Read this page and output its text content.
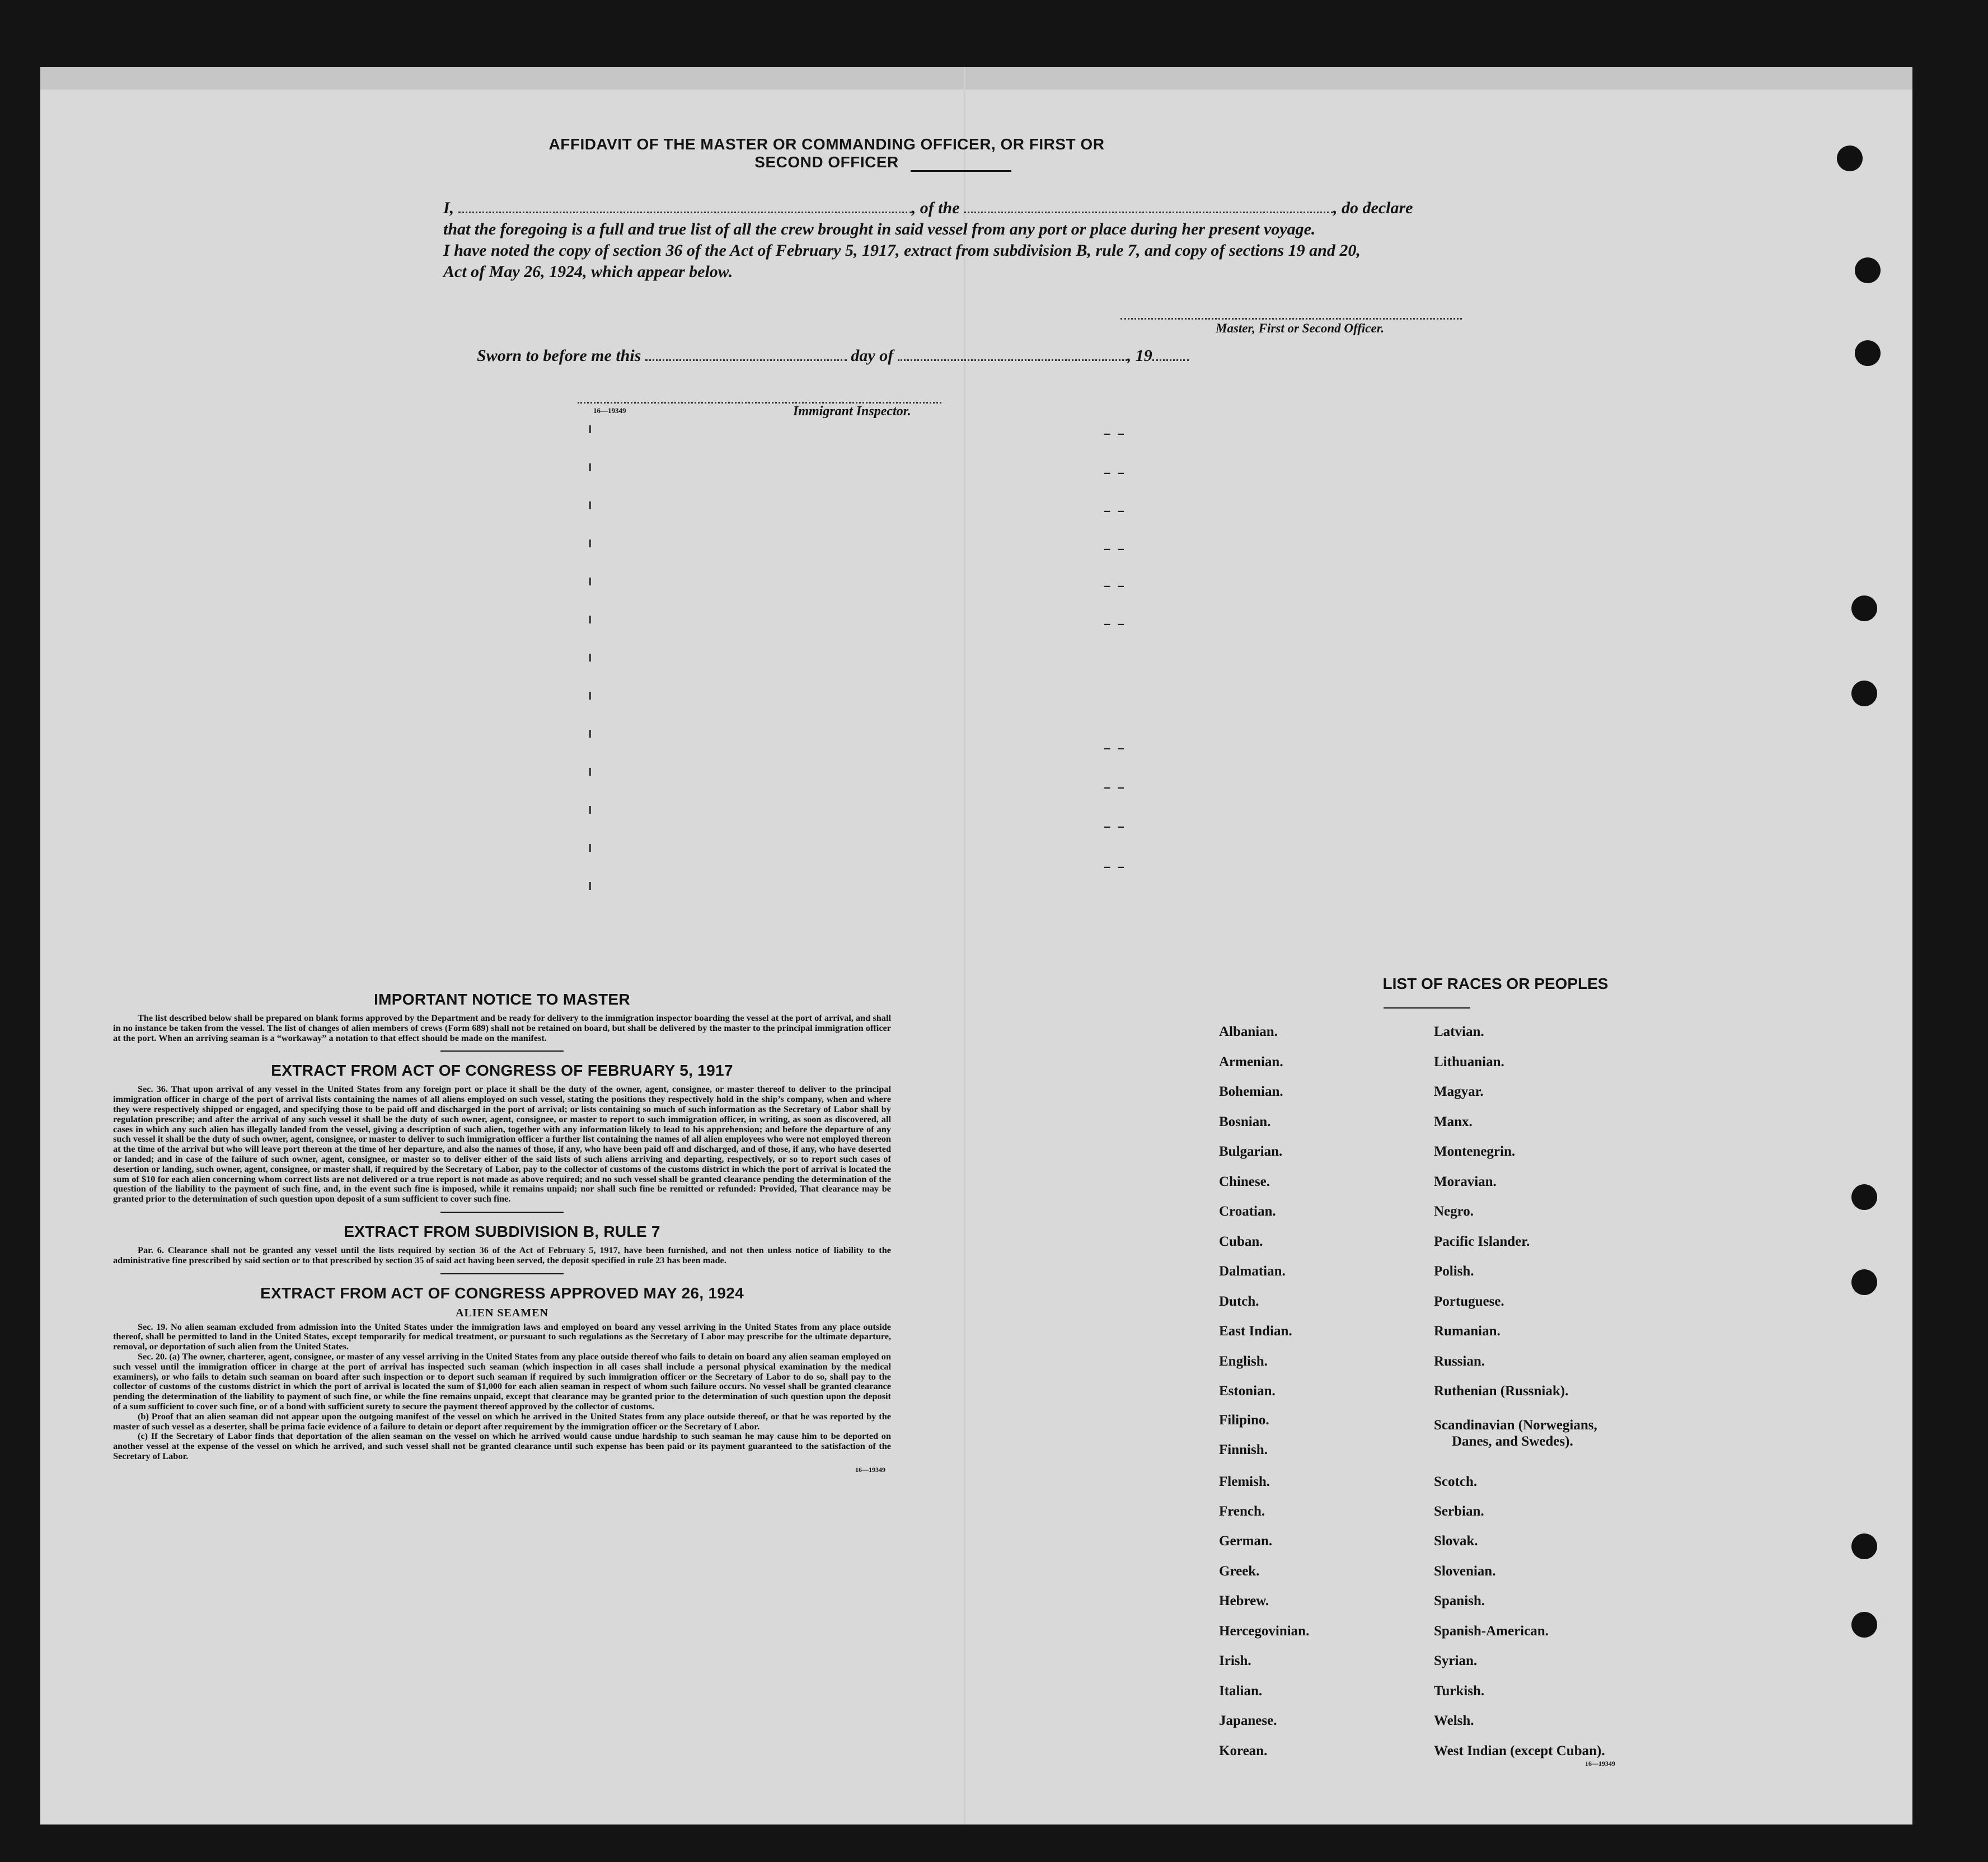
AFFIDAVIT OF THE MASTER OR COMMANDING OFFICER, OR FIRST OR SECOND OFFICER
I,	, of the	, do declare
that the foregoing is a full and true list of all the crew brought in said vessel from any port or place during her present voyage.
I have noted the copy of section 36 of the Act of February 5, 1917, extract from subdivision B, rule 7, and copy of sections 19 and 20,
Act of May 26, 1924, which appear below.
Master, First or Second Officer.
Sworn to before me this	day of	, 19
16—19349	Immigrant Inspector.
–  –
–  –
–  –
–  –
–  –
–  –
–  –
–  –
–  –
–  –
IMPORTANT NOTICE TO MASTER

The list described below shall be prepared on blank forms approved by the Department and be ready for delivery to the immigration inspector boarding the vessel at the port of arrival, and shall in no instance be taken from the vessel. The list of changes of alien members of crews (Form 689) shall not be retained on board, but shall be delivered by the master to the principal immigration officer at the port. When an arriving seaman is a “workaway” a notation to that effect should be made on the manifest.

EXTRACT FROM ACT OF CONGRESS OF FEBRUARY 5, 1917

Sec. 36. That upon arrival of any vessel in the United States from any foreign port or place it shall be the duty of the owner, agent, consignee, or master thereof to deliver to the principal immigration officer in charge of the port of arrival lists containing the names of all aliens employed on such vessel, stating the positions they respectively hold in the ship’s company, when and where they were respectively shipped or engaged, and specifying those to be paid off and discharged in the port of arrival; or lists containing so much of such information as the Secretary of Labor shall by regulation prescribe; and after the arrival of any such vessel it shall be the duty of such owner, agent, consignee, or master to report to such immigration officer, in writing, as soon as discovered, all cases in which any such alien has illegally landed from the vessel, giving a description of such alien, together with any information likely to lead to his apprehension; and before the departure of any such vessel it shall be the duty of such owner, agent, consignee, or master to deliver to such immigration officer a further list containing the names of all alien employees who were not employed thereon at the time of the arrival but who will leave port thereon at the time of her departure, and also the names of those, if any, who have been paid off and discharged, and of those, if any, who have deserted or landed; and in case of the failure of such owner, agent, consignee, or master so to deliver either of the said lists of such aliens arriving and departing, respectively, or so to report such cases of desertion or landing, such owner, agent, consignee, or master shall, if required by the Secretary of Labor, pay to the collector of customs of the customs district in which the port of arrival is located the sum of $10 for each alien concerning whom correct lists are not delivered or a true report is not made as above required; and no such vessel shall be granted clearance pending the determination of the question of the liability to the payment of such fine, and, in the event such fine is imposed, while it remains unpaid; nor shall such fine be remitted or refunded: Provided, That clearance may be granted prior to the determination of such question upon deposit of a sum sufficient to cover such fine.

EXTRACT FROM SUBDIVISION B, RULE 7

Par. 6. Clearance shall not be granted any vessel until the lists required by section 36 of the Act of February 5, 1917, have been furnished, and not then unless notice of liability to the administrative fine prescribed by said section or to that prescribed by section 35 of said act having been served, the deposit specified in rule 23 has been made.

EXTRACT FROM ACT OF CONGRESS APPROVED MAY 26, 1924
ALIEN SEAMEN

Sec. 19. No alien seaman excluded from admission into the United States under the immigration laws and employed on board any vessel arriving in the United States from any place outside thereof, shall be permitted to land in the United States, except temporarily for medical treatment, or pursuant to such regulations as the Secretary of Labor may prescribe for the ultimate departure, removal, or deportation of such alien from the United States.

Sec. 20. (a) The owner, charterer, agent, consignee, or master of any vessel arriving in the United States from any place outside thereof who fails to detain on board any alien seaman employed on such vessel until the immigration officer in charge at the port of arrival has inspected such seaman (which inspection in all cases shall include a personal physical examination by the medical examiners), or who fails to detain such seaman on board after such inspection or to deport such seaman if required by such immigration officer or the Secretary of Labor to do so, shall pay to the collector of customs of the customs district in which the port of arrival is located the sum of $1,000 for each alien seaman in respect of whom such failure occurs. No vessel shall be granted clearance pending the determination of the liability to payment of such fine, or while the fine remains unpaid, except that clearance may be granted prior to the determination of such question upon the deposit of a sum sufficient to cover such fine, or of a bond with sufficient surety to secure the payment thereof approved by the collector of customs.

(b) Proof that an alien seaman did not appear upon the outgoing manifest of the vessel on which he arrived in the United States from any place outside thereof, or that he was reported by the master of such vessel as a deserter, shall be prima facie evidence of a failure to detain or deport after requirement by the immigration officer or the Secretary of Labor.

(c) If the Secretary of Labor finds that deportation of the alien seaman on the vessel on which he arrived would cause undue hardship to such seaman he may cause him to be deported on another vessel at the expense of the vessel on which he arrived, and such vessel shall not be granted clearance until such expense has been paid or its payment guaranteed to the satisfaction of the Secretary of Labor.

16—19349
LIST OF RACES OR PEOPLES
Albanian.
Armenian.
Bohemian.
Bosnian.
Bulgarian.
Chinese.
Croatian.
Cuban.
Dalmatian.
Dutch.
East Indian.
English.
Estonian.
Filipino.
Finnish.
Flemish.
French.
German.
Greek.
Hebrew.
Hercegovinian.
Irish.
Italian.
Japanese.
Korean.
Latvian.
Lithuanian.
Magyar.
Manx.
Montenegrin.
Moravian.
Negro.
Pacific Islander.
Polish.
Portuguese.
Rumanian.
Russian.
Ruthenian (Russniak).
Scandinavian (Norwegians,
Danes, and Swedes).
Scotch.
Serbian.
Slovak.
Slovenian.
Spanish.
Spanish-American.
Syrian.
Turkish.
Welsh.
West Indian (except Cuban).
16—19349
